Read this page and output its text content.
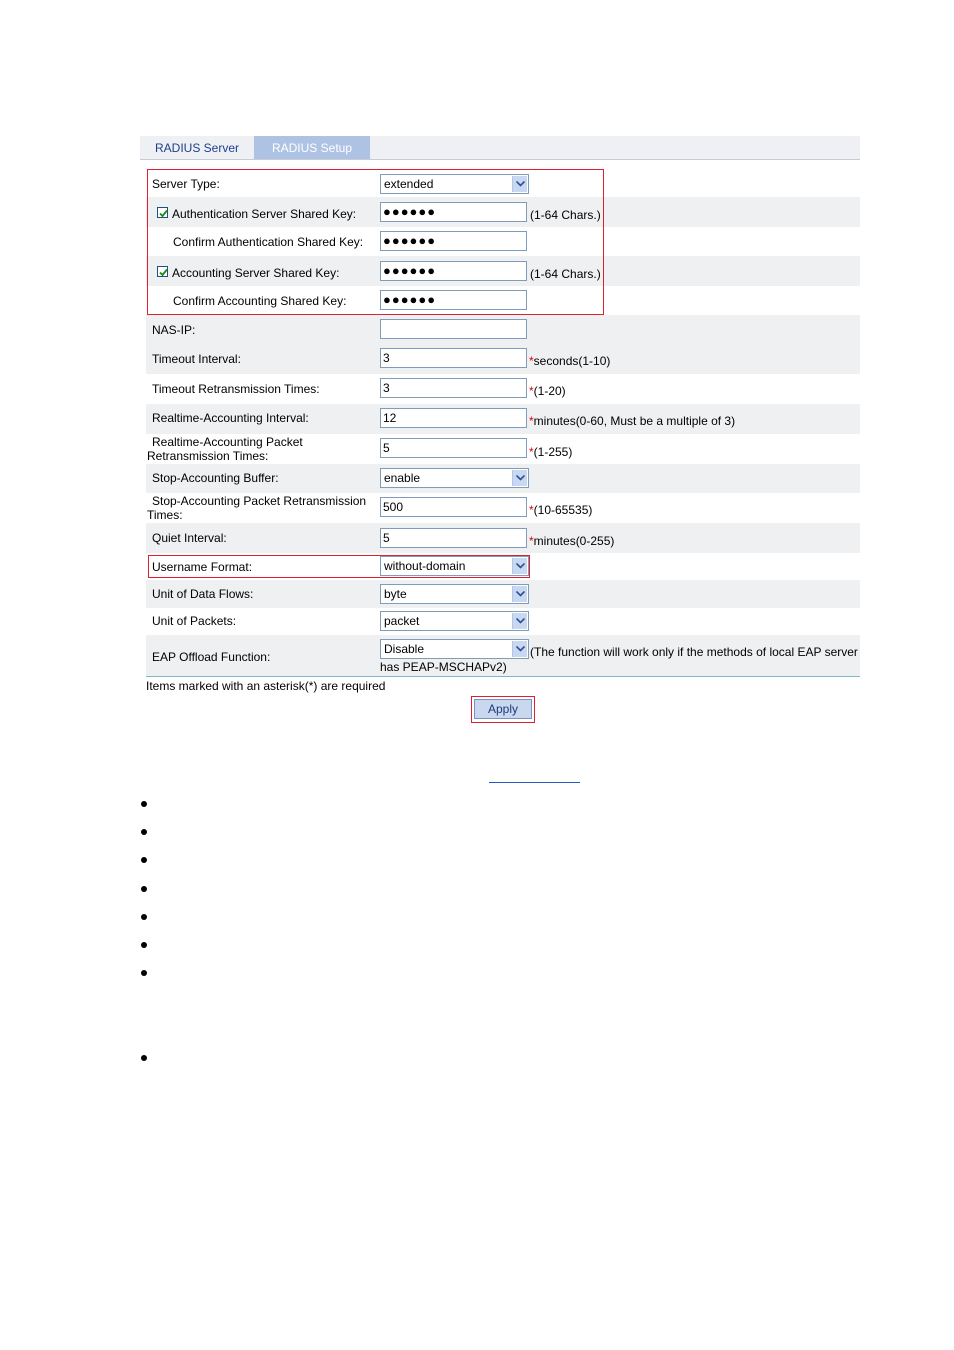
RADIUS Server	RADIUS Setup
Server Type:	extended
Authentication Server Shared Key: ●●●●●●	(1-64 Chars.)
Confirm Authentication Shared Key: ●●●●●●
Accounting Server Shared Key:	●●●●●●	(1-64 Chars.)
Confirm Accounting Shared Key:	●●●●●●
NAS-IP:
Timeout Interval:	3	*seconds(1-10)
Timeout Retransmission Times:	3	*(1-20)
Realtime-Accounting Interval:	12	*minutes(0-60, Must be a multiple of 3)
Realtime-Accounting Packet
Retransmission Times:
5	*(1-255)
Stop-Accounting Buffer:	enable
Stop-Accounting Packet Retransmission
Times:
500	*(10-65535)
Quiet Interval:	5	*minutes(0-255)
Username Format:	without-domain
Unit of Data Flows:	byte
Unit of Packets:	packet
EAP Offload Function:
Disable	(The function will work only if the methods of local EAP server
has PEAP-MSCHAPv2)
Items marked with an asterisk(*) are required
Apply
